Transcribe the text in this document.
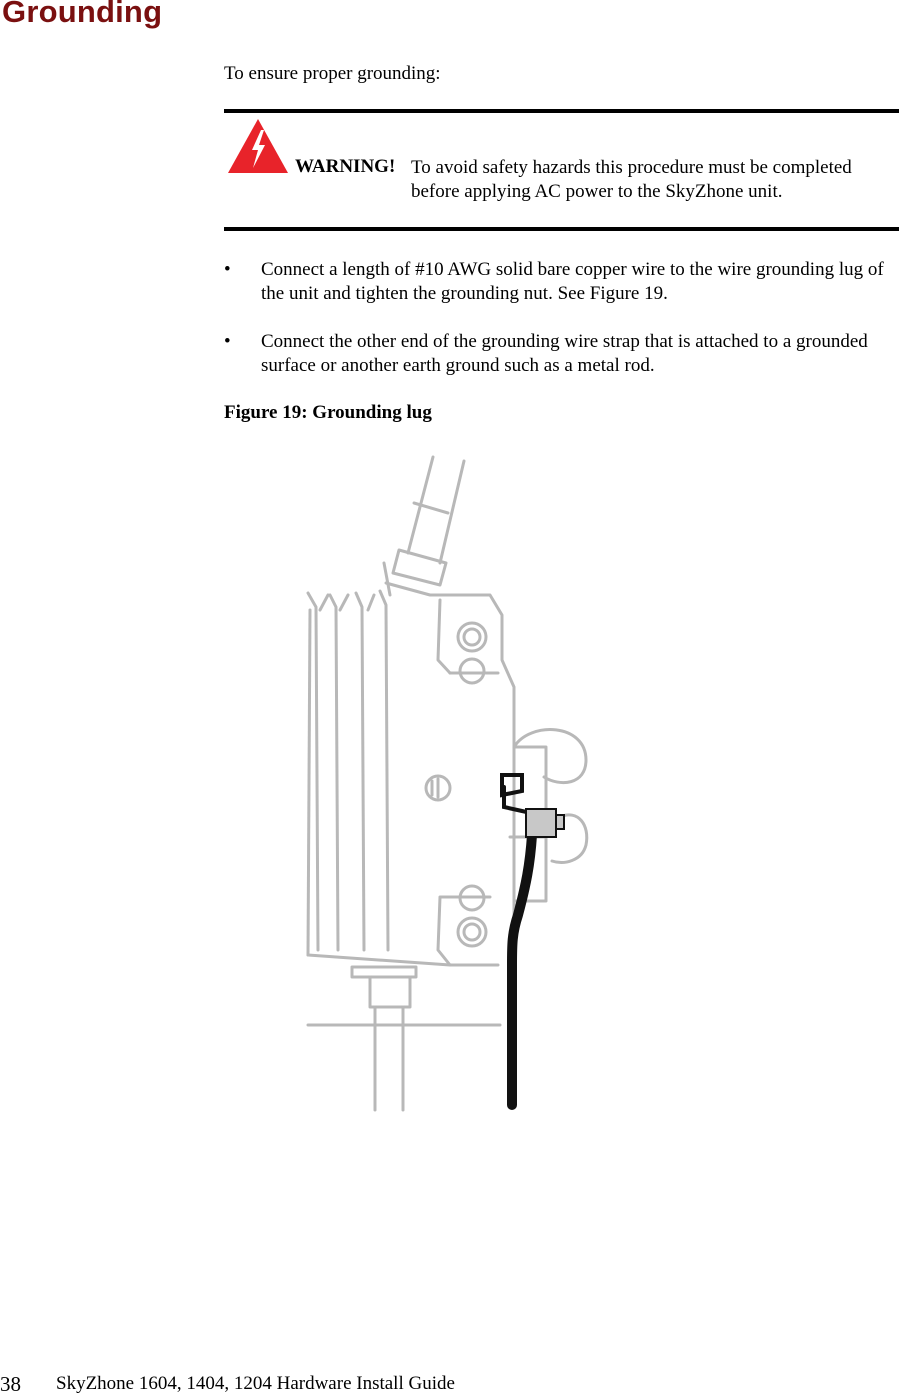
Grounding
To ensure proper grounding:
WARNING! To avoid safety hazards this procedure must be completed before applying AC power to the SkyZhone unit.
•	Connect a length of #10 AWG solid bare copper wire to the wire grounding lug of the unit and tighten the grounding nut. See Figure 19.
•	Connect the other end of the grounding wire strap that is attached to a grounded surface or another earth ground such as a metal rod.
Figure 19: Grounding lug
38 SkyZhone 1604, 1404, 1204 Hardware Install Guide
